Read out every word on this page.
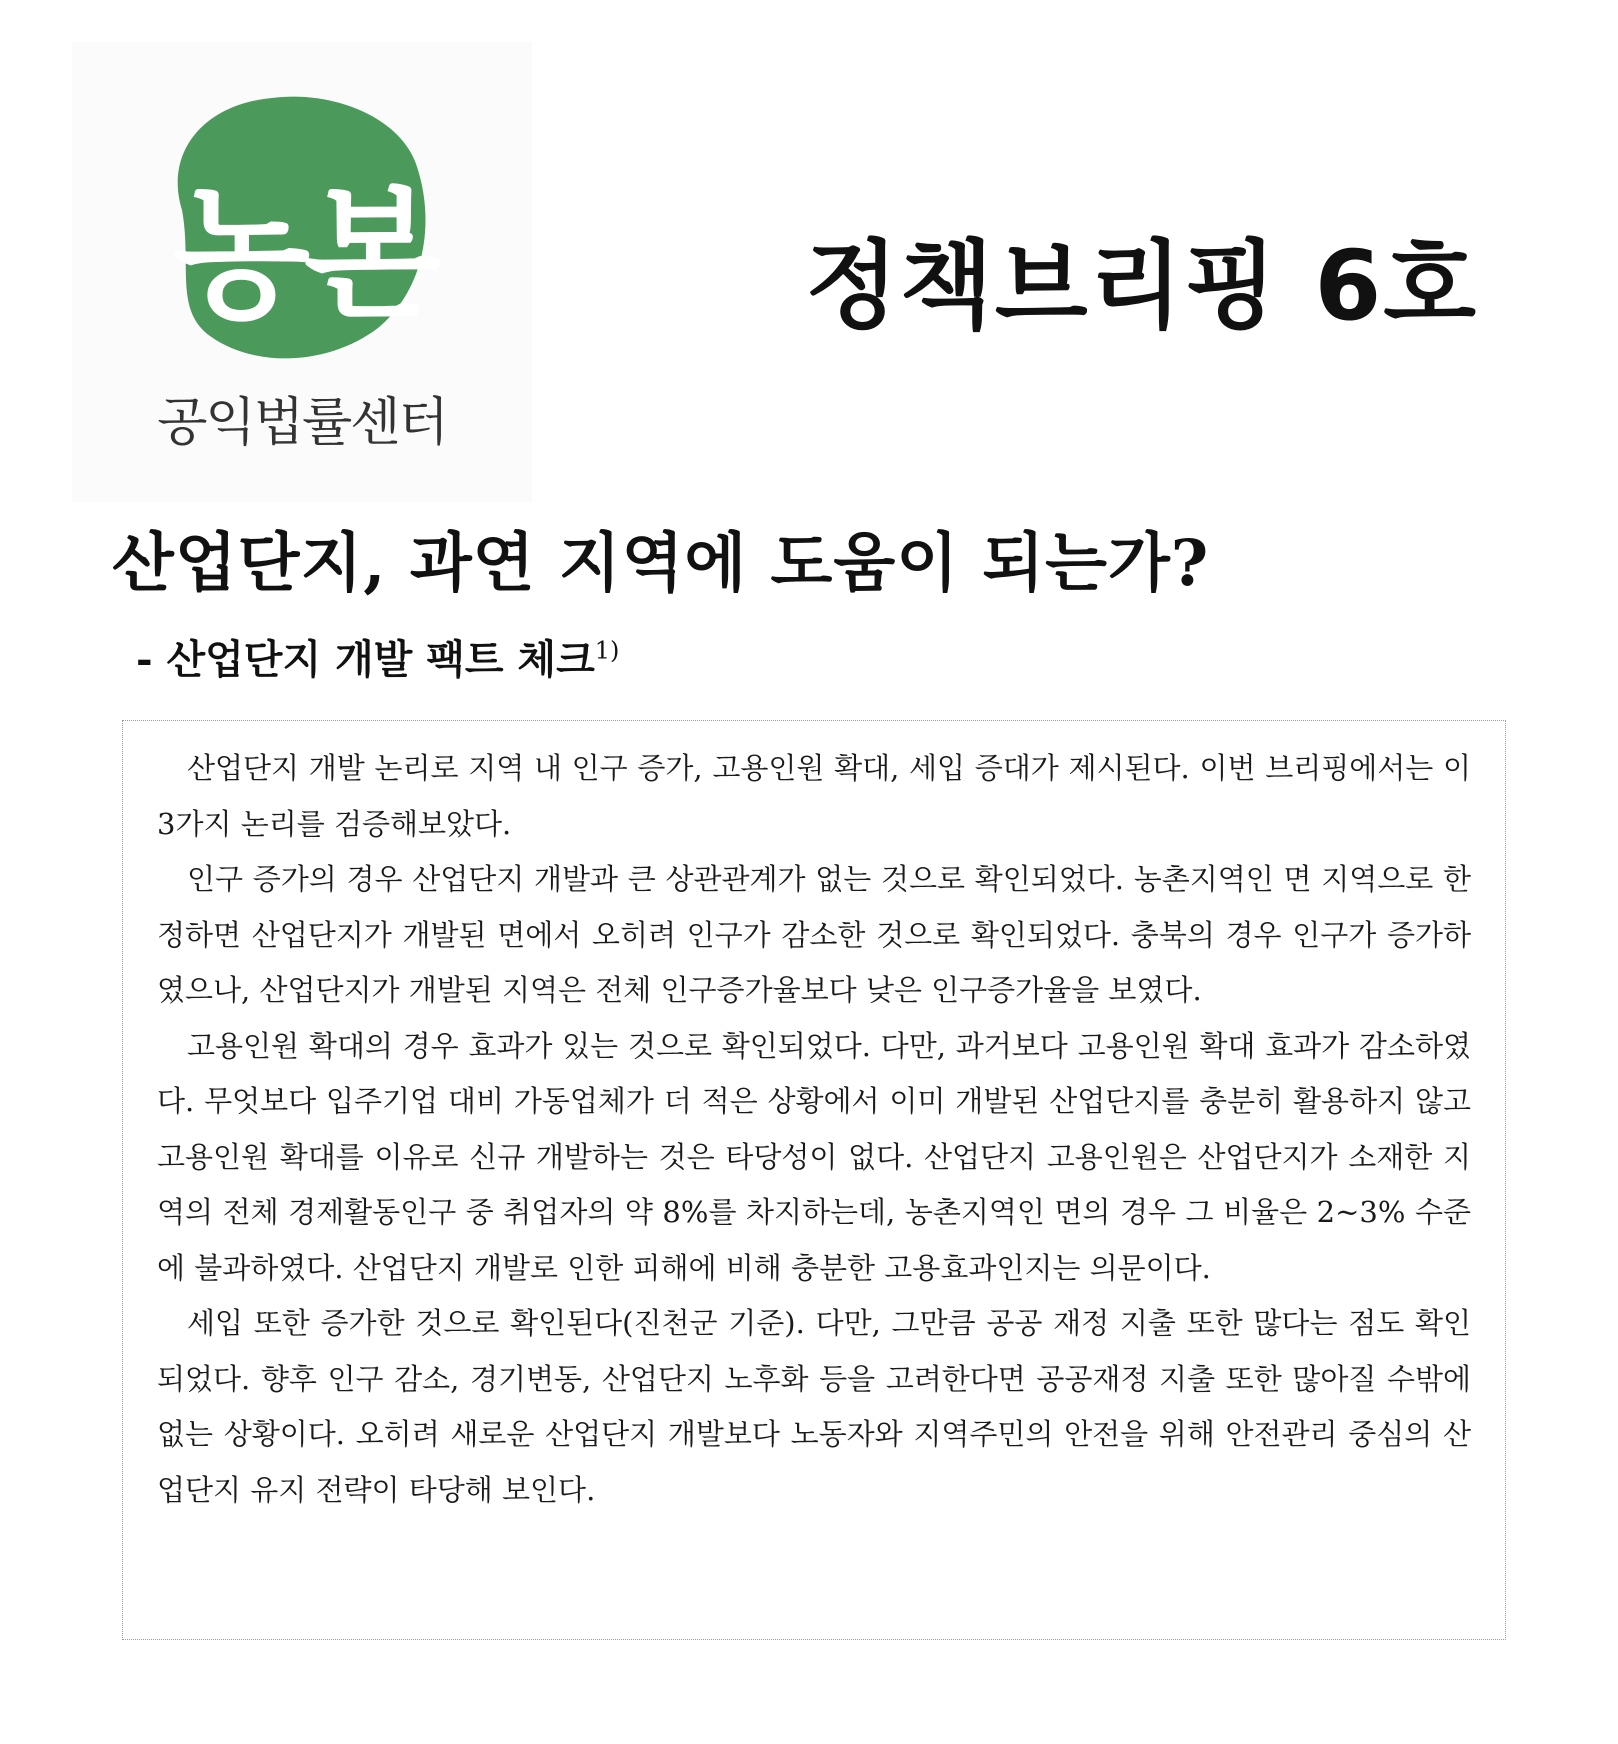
농본
공익법률센터
정책브리핑 6호
산업단지, 과연 지역에 도움이 되는가?
- 산업단지 개발 팩트 체크$^{1)}$

산업단지 개발 논리로 지역 내 인구 증가, 고용인원 확대, 세입 증대가 제시된다. 이번 브리핑에서는 이 3가지 논리를 검증해보았다.

인구 증가의 경우 산업단지 개발과 큰 상관관계가 없는 것으로 확인되었다. 농촌지역인 면 지역으로 한정하면 산업단지가 개발된 면에서 오히려 인구가 감소한 것으로 확인되었다. 충북의 경우 인구가 증가하였으나, 산업단지가 개발된 지역은 전체 인구증가율보다 낮은 인구증가율을 보였다.

고용인원 확대의 경우 효과가 있는 것으로 확인되었다. 다만, 과거보다 고용인원 확대 효과가 감소하였다. 무엇보다 입주기업 대비 가동업체가 더 적은 상황에서 이미 개발된 산업단지를 충분히 활용하지 않고 고용인원 확대를 이유로 신규 개발하는 것은 타당성이 없다. 산업단지 고용인원은 산업단지가 소재한 지역의 전체 경제활동인구 중 취업자의 약 8%를 차지하는데, 농촌지역인 면의 경우 그 비율은 2~3% 수준에 불과하였다. 산업단지 개발로 인한 피해에 비해 충분한 고용효과인지는 의문이다.

세입 또한 증가한 것으로 확인된다(진천군 기준). 다만, 그만큼 공공 재정 지출 또한 많다는 점도 확인되었다. 향후 인구 감소, 경기변동, 산업단지 노후화 등을 고려한다면 공공재정 지출 또한 많아질 수밖에 없는 상황이다. 오히려 새로운 산업단지 개발보다 노동자와 지역주민의 안전을 위해 안전관리 중심의 산업단지 유지 전략이 타당해 보인다.
